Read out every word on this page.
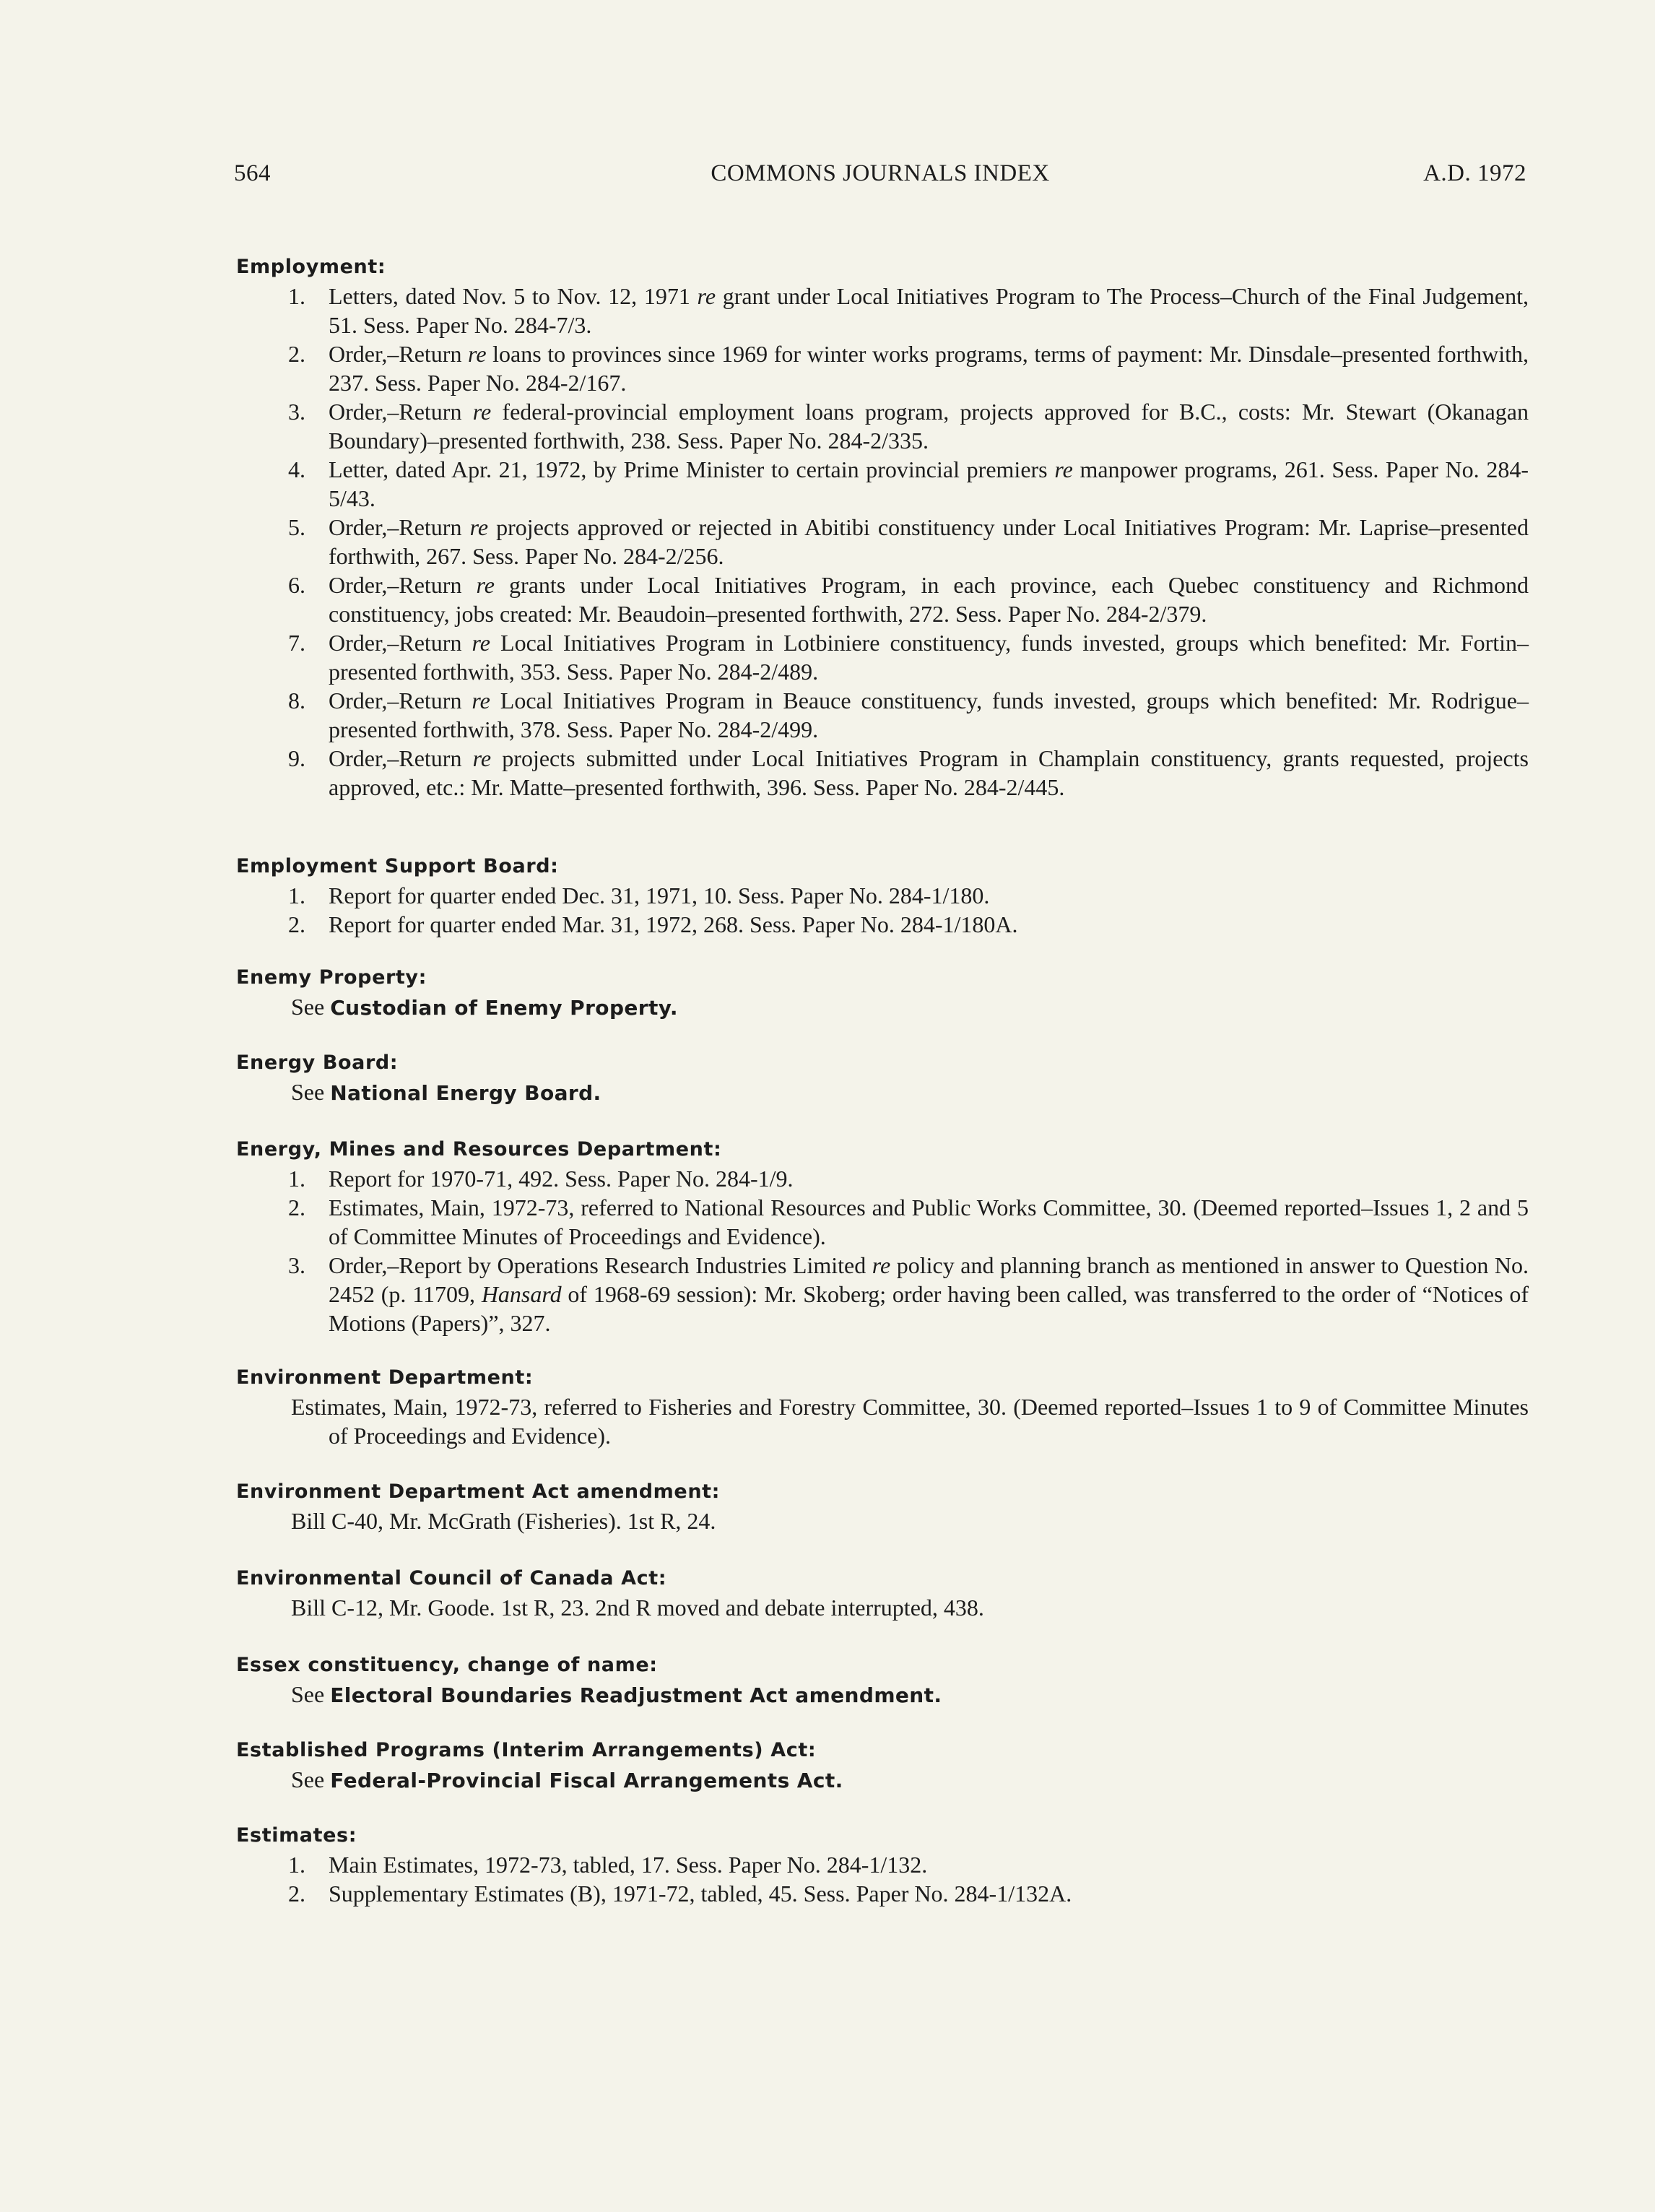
564	COMMONS JOURNALS INDEX	A.D. 1972
Employment:
1. Letters, dated Nov. 5 to Nov. 12, 1971 re grant under Local Initiatives Program to The Process–Church of the Final Judgement, 51. Sess. Paper No. 284-7/3.
2. Order,–Return re loans to provinces since 1969 for winter works programs, terms of payment: Mr. Dinsdale–presented forthwith, 237. Sess. Paper No. 284-2/167.
3. Order,–Return re federal-provincial employment loans program, projects approved for B.C., costs: Mr. Stewart (Okanagan Boundary)–presented forthwith, 238. Sess. Paper No. 284-2/335.
4. Letter, dated Apr. 21, 1972, by Prime Minister to certain provincial premiers re manpower programs, 261. Sess. Paper No. 284-5/43.
5. Order,–Return re projects approved or rejected in Abitibi constituency under Local Initiatives Program: Mr. Laprise–presented forthwith, 267. Sess. Paper No. 284-2/256.
6. Order,–Return re grants under Local Initiatives Program, in each province, each Quebec constituency and Richmond constituency, jobs created: Mr. Beaudoin–presented forthwith, 272. Sess. Paper No. 284-2/379.
7. Order,–Return re Local Initiatives Program in Lotbiniere constituency, funds invested, groups which benefited: Mr. Fortin–presented forthwith, 353. Sess. Paper No. 284-2/489.
8. Order,–Return re Local Initiatives Program in Beauce constituency, funds invested, groups which benefited: Mr. Rodrigue–presented forthwith, 378. Sess. Paper No. 284-2/499.
9. Order,–Return re projects submitted under Local Initiatives Program in Champlain constituency, grants requested, projects approved, etc.: Mr. Matte–presented forthwith, 396. Sess. Paper No. 284-2/445.
Employment Support Board:
1. Report for quarter ended Dec. 31, 1971, 10. Sess. Paper No. 284-1/180.
2. Report for quarter ended Mar. 31, 1972, 268. Sess. Paper No. 284-1/180A.
Enemy Property:
See Custodian of Enemy Property.
Energy Board:
See National Energy Board.
Energy, Mines and Resources Department:
1. Report for 1970-71, 492. Sess. Paper No. 284-1/9.
2. Estimates, Main, 1972-73, referred to National Resources and Public Works Committee, 30. (Deemed reported–Issues 1, 2 and 5 of Committee Minutes of Proceedings and Evidence).
3. Order,–Report by Operations Research Industries Limited re policy and planning branch as mentioned in answer to Question No. 2452 (p. 11709, Hansard of 1968-69 session): Mr. Skoberg; order having been called, was transferred to the order of “Notices of Motions (Papers)”, 327.
Environment Department:
Estimates, Main, 1972-73, referred to Fisheries and Forestry Committee, 30. (Deemed reported–Issues 1 to 9 of Committee Minutes of Proceedings and Evidence).
Environment Department Act amendment:
Bill C-40, Mr. McGrath (Fisheries). 1st R, 24.
Environmental Council of Canada Act:
Bill C-12, Mr. Goode. 1st R, 23. 2nd R moved and debate interrupted, 438.
Essex constituency, change of name:
See Electoral Boundaries Readjustment Act amendment.
Established Programs (Interim Arrangements) Act:
See Federal-Provincial Fiscal Arrangements Act.
Estimates:
1. Main Estimates, 1972-73, tabled, 17. Sess. Paper No. 284-1/132.
2. Supplementary Estimates (B), 1971-72, tabled, 45. Sess. Paper No. 284-1/132A.
